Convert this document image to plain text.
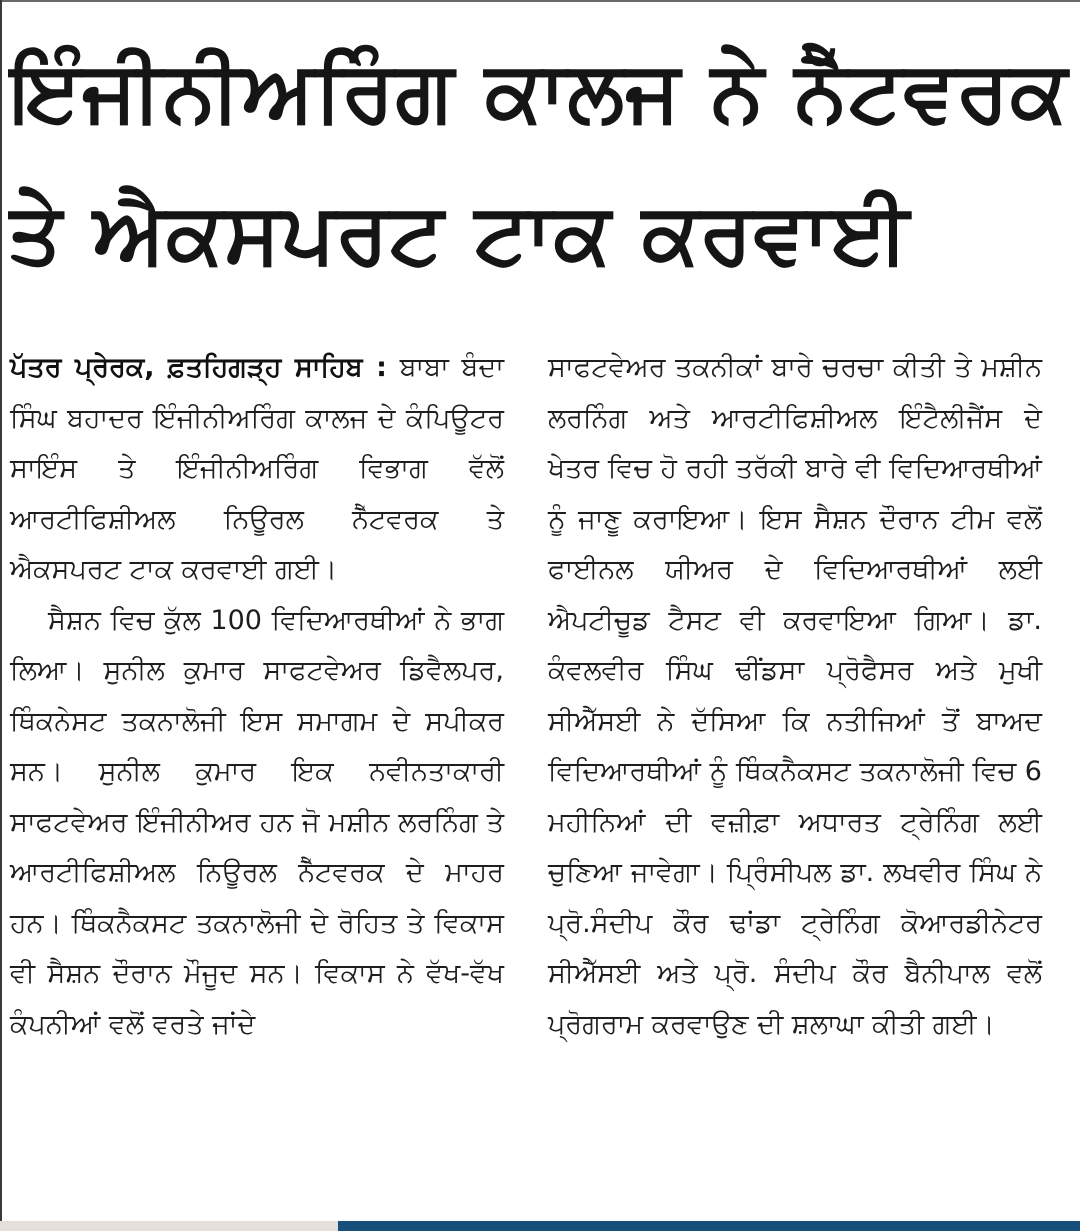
ਇੰਜੀਨੀਅਰਿੰਗ ਕਾਲਜ ਨੇ ਨੈੱਟਵਰਕ
ਤੇ ਐਕਸਪਰਟ ਟਾਕ ਕਰਵਾਈ

ਪੱਤਰ ਪ੍ਰੇਰਕ, ਫ਼ਤਹਿਗੜ੍ਹ ਸਾਹਿਬ : ਬਾਬਾ ਬੰਦਾ ਸਿੰਘ ਬਹਾਦਰ ਇੰਜੀਨੀਅਰਿੰਗ ਕਾਲਜ ਦੇ ਕੰਪਿਊਟਰ ਸਾਇੰਸ ਤੇ ਇੰਜੀਨੀਅਰਿੰਗ ਵਿਭਾਗ ਵੱਲੋਂ ਆਰਟੀਫਿਸ਼ੀਅਲ ਨਿਊਰਲ ਨੈੱਟਵਰਕ ਤੇ ਐਕਸਪਰਟ ਟਾਕ ਕਰਵਾਈ ਗਈ।

ਸੈਸ਼ਨ ਵਿਚ ਕੁੱਲ 100 ਵਿਦਿਆਰਥੀਆਂ ਨੇ ਭਾਗ ਲਿਆ। ਸੁਨੀਲ ਕੁਮਾਰ ਸਾਫਟਵੇਅਰ ਡਿਵੈਲਪਰ, ਥਿੰਕਨੇਸਟ ਤਕਨਾਲੋਜੀ ਇਸ ਸਮਾਗਮ ਦੇ ਸਪੀਕਰ ਸਨ। ਸੁਨੀਲ ਕੁਮਾਰ ਇਕ ਨਵੀਨਤਾਕਾਰੀ ਸਾਫਟਵੇਅਰ ਇੰਜੀਨੀਅਰ ਹਨ ਜੋ ਮਸ਼ੀਨ ਲਰਨਿੰਗ ਤੇ ਆਰਟੀਫਿਸ਼ੀਅਲ ਨਿਊਰਲ ਨੈੱਟਵਰਕ ਦੇ ਮਾਹਰ ਹਨ। ਥਿੰਕਨੈਕਸਟ ਤਕਨਾਲੋਜੀ ਦੇ ਰੋਹਿਤ ਤੇ ਵਿਕਾਸ ਵੀ ਸੈਸ਼ਨ ਦੌਰਾਨ ਮੌਜੂਦ ਸਨ। ਵਿਕਾਸ ਨੇ ਵੱਖ-ਵੱਖ ਕੰਪਨੀਆਂ ਵਲੋਂ ਵਰਤੇ ਜਾਂਦੇ

ਸਾਫਟਵੇਅਰ ਤਕਨੀਕਾਂ ਬਾਰੇ ਚਰਚਾ ਕੀਤੀ ਤੇ ਮਸ਼ੀਨ ਲਰਨਿੰਗ ਅਤੇ ਆਰਟੀਫਿਸ਼ੀਅਲ ਇੰਟੈਲੀਜੈਂਸ ਦੇ ਖੇਤਰ ਵਿਚ ਹੋ ਰਹੀ ਤਰੱਕੀ ਬਾਰੇ ਵੀ ਵਿਦਿਆਰਥੀਆਂ ਨੂੰ ਜਾਣੂ ਕਰਾਇਆ। ਇਸ ਸੈਸ਼ਨ ਦੌਰਾਨ ਟੀਮ ਵਲੋਂ ਫਾਈਨਲ ਯੀਅਰ ਦੇ ਵਿਦਿਆਰਥੀਆਂ ਲਈ ਐਪਟੀਚੂਡ ਟੈਸਟ ਵੀ ਕਰਵਾਇਆ ਗਿਆ। ਡਾ. ਕੰਵਲਵੀਰ ਸਿੰਘ ਢੀਂਡਸਾ ਪ੍ਰੋਫੈਸਰ ਅਤੇ ਮੁਖੀ ਸੀਐੱਸਈ ਨੇ ਦੱਸਿਆ ਕਿ ਨਤੀਜਿਆਂ ਤੋਂ ਬਾਅਦ ਵਿਦਿਆਰਥੀਆਂ ਨੂੰ ਥਿੰਕਨੈਕਸਟ ਤਕਨਾਲੋਜੀ ਵਿਚ 6 ਮਹੀਨਿਆਂ ਦੀ ਵਜ਼ੀਫ਼ਾ ਅਧਾਰਤ ਟ੍ਰੇਨਿੰਗ ਲਈ ਚੁਣਿਆ ਜਾਵੇਗਾ। ਪ੍ਰਿੰਸੀਪਲ ਡਾ. ਲਖਵੀਰ ਸਿੰਘ ਨੇ ਪ੍ਰੋ.ਸੰਦੀਪ ਕੌਰ ਢਾਂਡਾ ਟ੍ਰੇਨਿੰਗ ਕੋਆਰਡੀਨੇਟਰ ਸੀਐੱਸਈ ਅਤੇ ਪ੍ਰੋ. ਸੰਦੀਪ ਕੌਰ ਬੈਨੀਪਾਲ ਵਲੋਂ ਪ੍ਰੋਗਰਾਮ ਕਰਵਾਉਣ ਦੀ ਸ਼ਲਾਘਾ ਕੀਤੀ ਗਈ।
